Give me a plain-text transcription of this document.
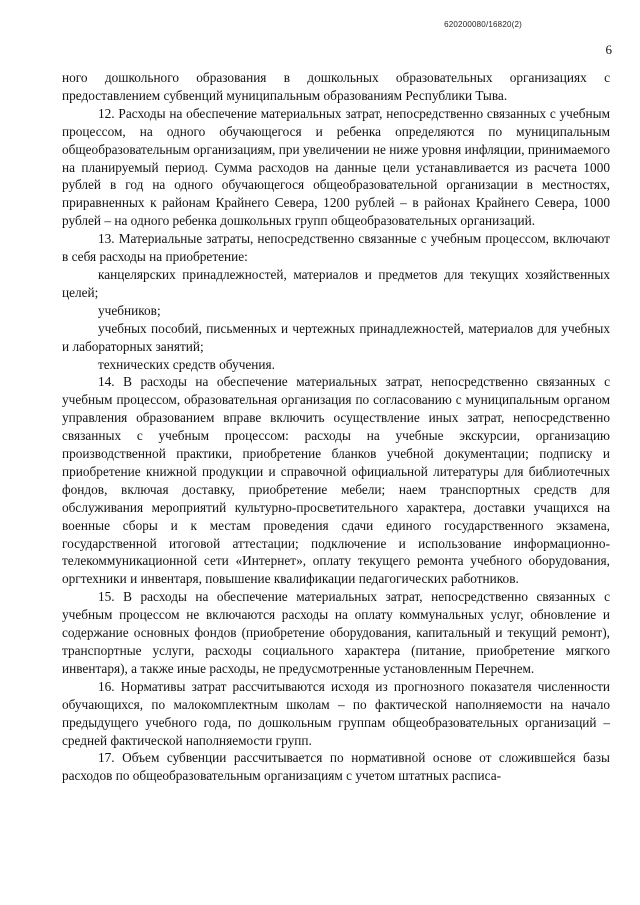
620200080/16820(2)
6

ного дошкольного образования в дошкольных образовательных организациях с предоставлением субвенций муниципальным образованиям Республики Тыва.

12. Расходы на обеспечение материальных затрат, непосредственно связанных с учебным процессом, на одного обучающегося и ребенка определяются по муниципальным общеобразовательным организациям, при увеличении не ниже уровня инфляции, принимаемого на планируемый период. Сумма расходов на данные цели устанавливается из расчета 1000 рублей в год на одного обучающегося общеобразовательной организации в местностях, приравненных к районам Крайнего Севера, 1200 рублей – в районах Крайнего Севера, 1000 рублей – на одного ребенка дошкольных групп общеобразовательных организаций.

13. Материальные затраты, непосредственно связанные с учебным процессом, включают в себя расходы на приобретение:

канцелярских принадлежностей, материалов и предметов для текущих хозяйственных целей;

учебников;

учебных пособий, письменных и чертежных принадлежностей, материалов для учебных и лабораторных занятий;

технических средств обучения.

14. В расходы на обеспечение материальных затрат, непосредственно связанных с учебным процессом, образовательная организация по согласованию с муниципальным органом управления образованием вправе включить осуществление иных затрат, непосредственно связанных с учебным процессом: расходы на учебные экскурсии, организацию производственной практики, приобретение бланков учебной документации; подписку и приобретение книжной продукции и справочной официальной литературы для библиотечных фондов, включая доставку, приобретение мебели; наем транспортных средств для обслуживания мероприятий культурно-просветительного характера, доставки учащихся на военные сборы и к местам проведения сдачи единого государственного экзамена, государственной итоговой аттестации; подключение и использование информационно-телекоммуникационной сети «Интернет», оплату текущего ремонта учебного оборудования, оргтехники и инвентаря, повышение квалификации педагогических работников.

15. В расходы на обеспечение материальных затрат, непосредственно связанных с учебным процессом не включаются расходы на оплату коммунальных услуг, обновление и содержание основных фондов (приобретение оборудования, капитальный и текущий ремонт), транспортные услуги, расходы социального характера (питание, приобретение мягкого инвентаря), а также иные расходы, не предусмотренные установленным Перечнем.

16. Нормативы затрат рассчитываются исходя из прогнозного показателя численности обучающихся, по малокомплектным школам – по фактической наполняемости на начало предыдущего учебного года, по дошкольным группам общеобразовательных организаций – средней фактической наполняемости групп.

17. Объем субвенции рассчитывается по нормативной основе от сложившейся базы расходов по общеобразовательным организациям с учетом штатных расписа-
